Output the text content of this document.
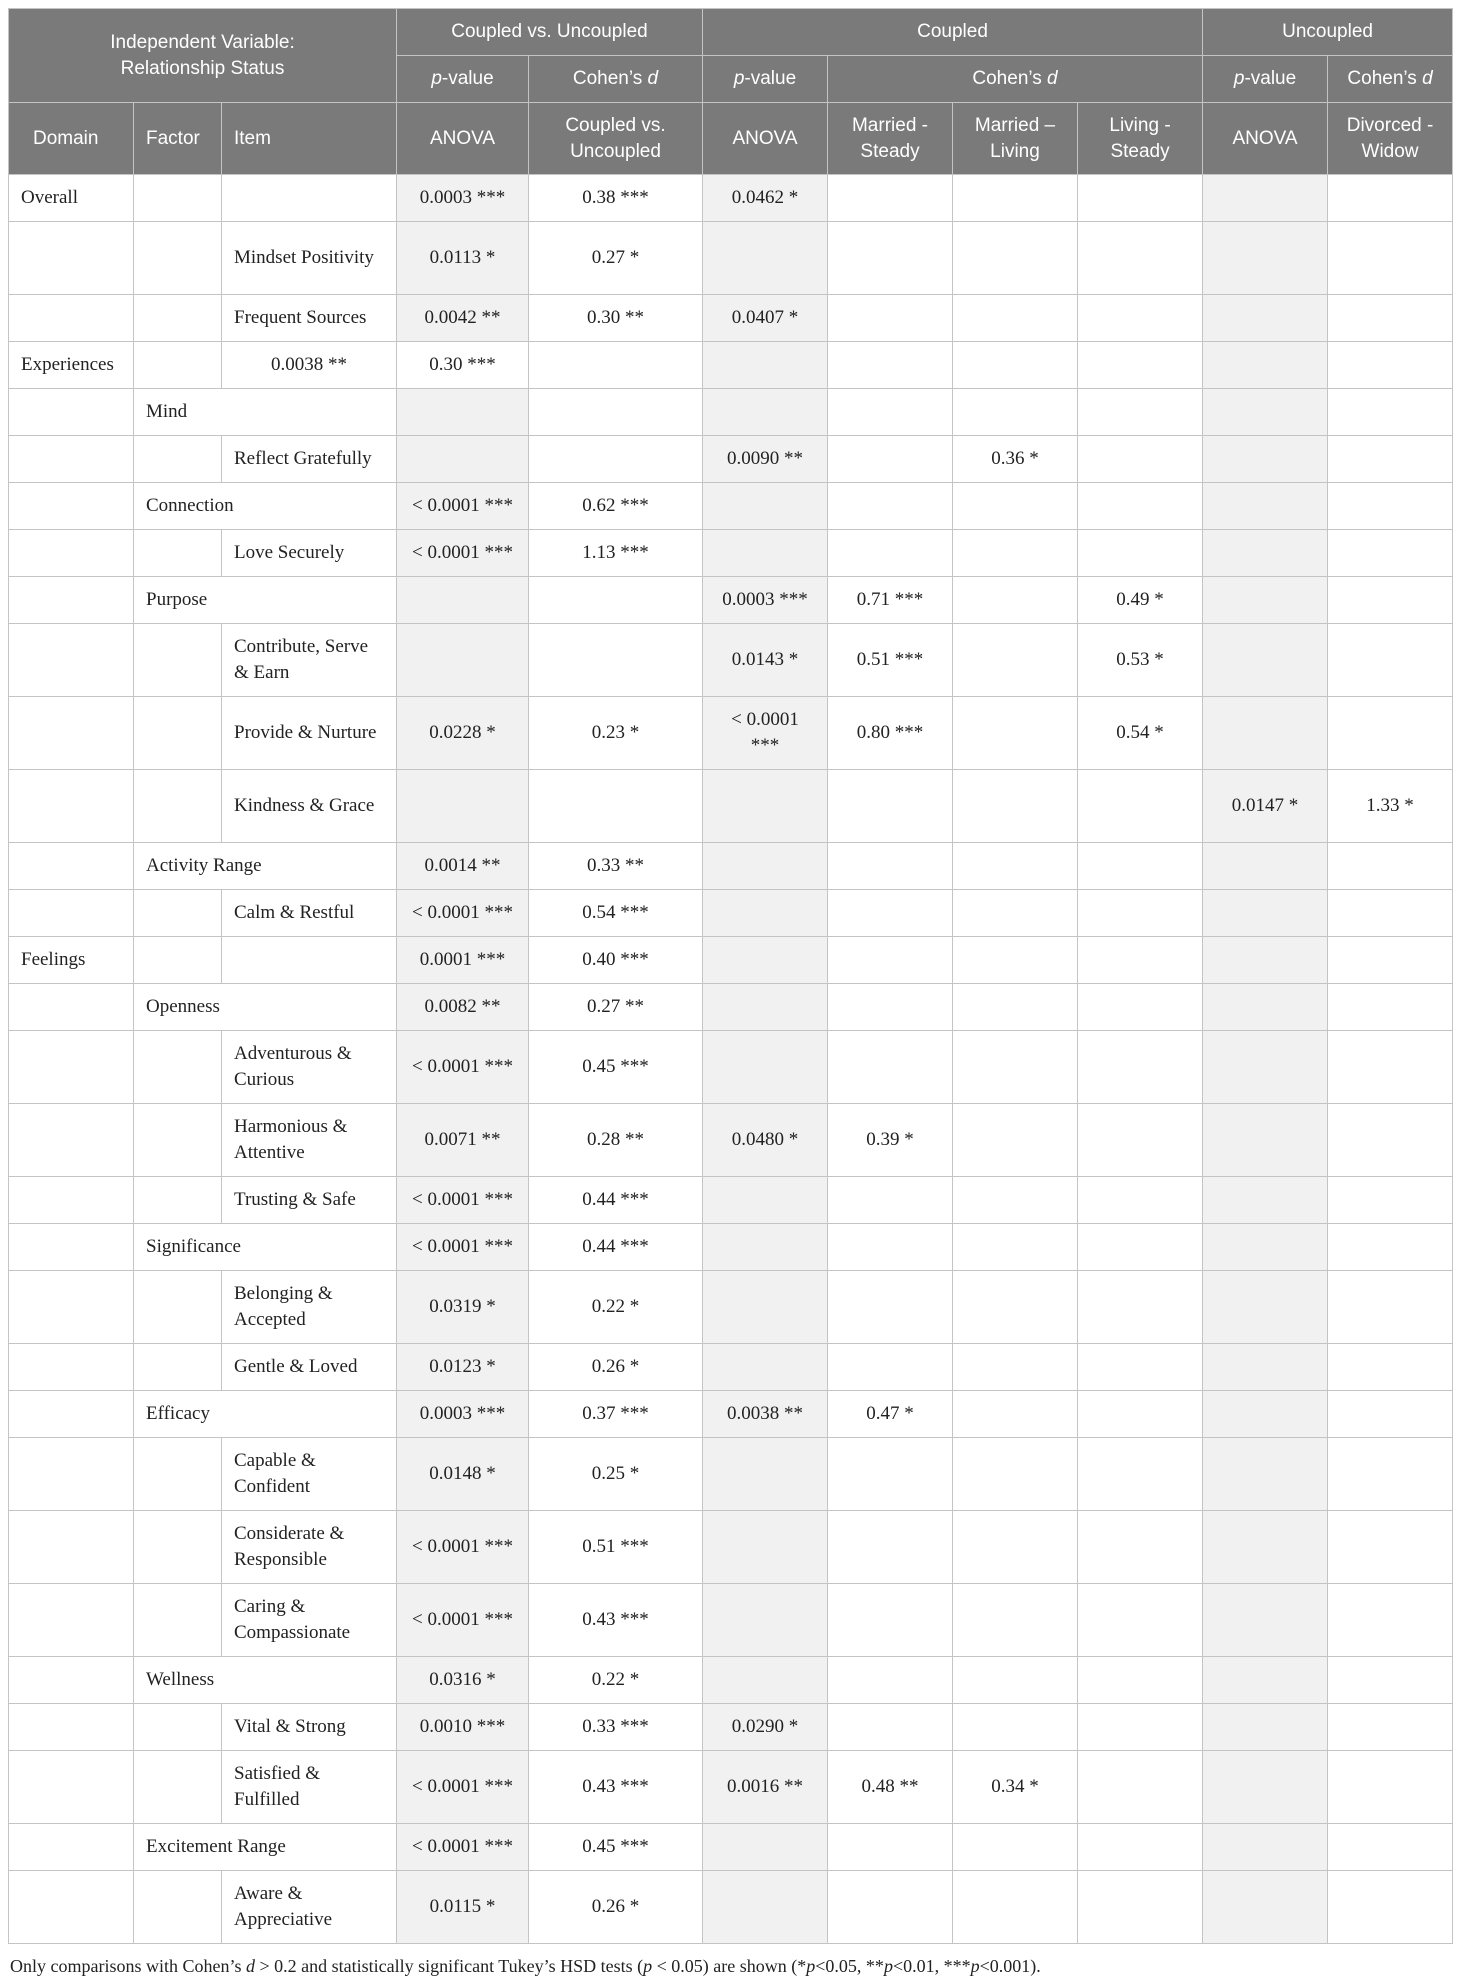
Independent Variable: Relationship Status			Coupled vs. Uncoupled		Coupled				Uncoupled	
			p-value	Cohen’s d	p-value	Cohen’s d			p-value	Cohen’s d
Domain	Factor	Item	ANOVA	Coupled vs. Uncoupled	ANOVA	Married - Steady	Married – Living	Living - Steady	ANOVA	Divorced - Widow
Overall			0.0003 ***	0.38 ***	0.0462 *					
		Mindset Positivity	0.0113 *	0.27 *						
		Frequent Sources	0.0042 **	0.30 **	0.0407 *					
Experiences		0.0038 **	0.30 ***							
	Mind									
		Reflect Gratefully			0.0090 **		0.36 *			
	Connection		< 0.0001 ***	0.62 ***						
		Love Securely	< 0.0001 ***	1.13 ***						
	Purpose				0.0003 ***	0.71 ***		0.49 *		
		Contribute, Serve & Earn			0.0143 *	0.51 ***		0.53 *		
		Provide & Nurture	0.0228 *	0.23 *	< 0.0001 ***	0.80 ***		0.54 *		
		Kindness & Grace							0.0147 *	1.33 *
	Activity Range		0.0014 **	0.33 **						
		Calm & Restful	< 0.0001 ***	0.54 ***						
Feelings			0.0001 ***	0.40 ***						
	Openness		0.0082 **	0.27 **						
		Adventurous & Curious	< 0.0001 ***	0.45 ***						
		Harmonious & Attentive	0.0071 **	0.28 **	0.0480 *	0.39 *				
		Trusting & Safe	< 0.0001 ***	0.44 ***						
	Significance		< 0.0001 ***	0.44 ***						
		Belonging & Accepted	0.0319 *	0.22 *						
		Gentle & Loved	0.0123 *	0.26 *						
	Efficacy		0.0003 ***	0.37 ***	0.0038 **	0.47 *				
		Capable & Confident	0.0148 *	0.25 *						
		Considerate & Responsible	< 0.0001 ***	0.51 ***						
		Caring & Compassionate	< 0.0001 ***	0.43 ***						
	Wellness		0.0316 *	0.22 *						
		Vital & Strong	0.0010 ***	0.33 ***	0.0290 *					
		Satisfied & Fulfilled	< 0.0001 ***	0.43 ***	0.0016 **	0.48 **	0.34 *			
	Excitement Range		< 0.0001 ***	0.45 ***						
		Aware & Appreciative	0.0115 *	0.26 *						
Only comparisons with Cohen’s d > 0.2 and statistically significant Tukey’s HSD tests (p < 0.05) are shown (*p<0.05, **p<0.01, ***p<0.001).
